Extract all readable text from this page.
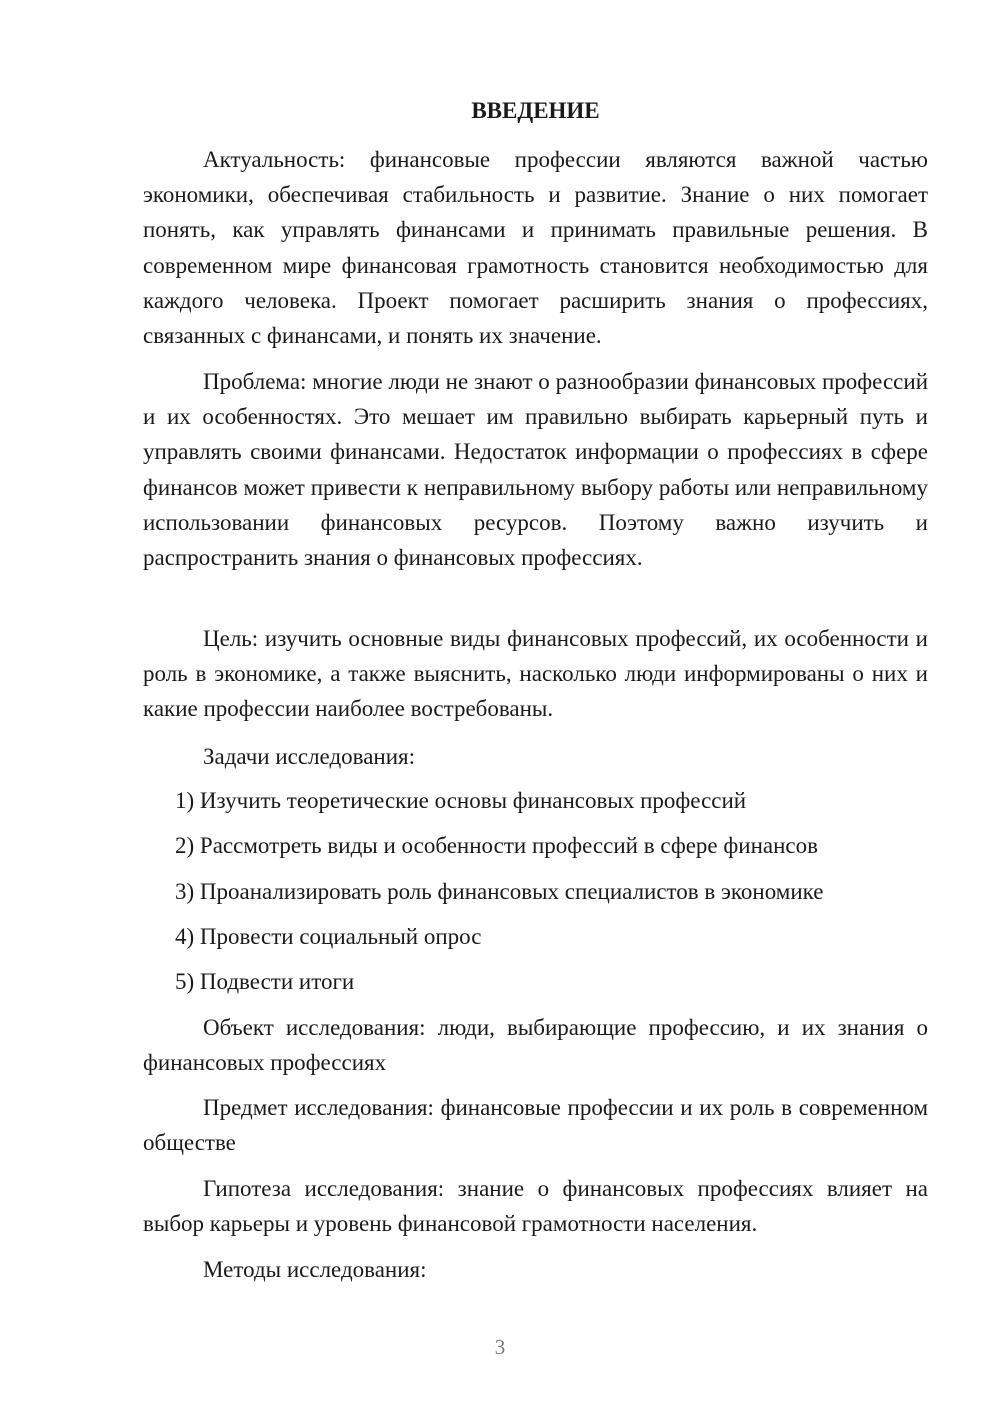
ВВЕДЕНИЕ

Актуальность: финансовые профессии являются важной частью экономики, обеспечивая стабильность и развитие. Знание о них помогает понять, как управлять финансами и принимать правильные решения. В современном мире финансовая грамотность становится необходимостью для каждого человека. Проект помогает расширить знания о профессиях, связанных с финансами, и понять их значение.

Проблема: многие люди не знают о разнообразии финансовых профессий и их особенностях. Это мешает им правильно выбирать карьерный путь и управлять своими финансами. Недостаток информации о профессиях в сфере финансов может привести к неправильному выбору работы или неправильному использовании финансовых ресурсов. Поэтому важно изучить и распространить знания о финансовых профессиях.

Цель: изучить основные виды финансовых профессий, их особенности и роль в экономике, а также выяснить, насколько люди информированы о них и какие профессии наиболее востребованы.

Задачи исследования:

1) Изучить теоретические основы финансовых профессий

2) Рассмотреть виды и особенности профессий в сфере финансов

3) Проанализировать роль финансовых специалистов в экономике

4) Провести социальный опрос

5) Подвести итоги

Объект исследования: люди, выбирающие профессию, и их знания о финансовых профессиях

Предмет исследования: финансовые профессии и их роль в современном обществе

Гипотеза исследования: знание о финансовых профессиях влияет на выбор карьеры и уровень финансовой грамотности населения.

Методы исследования:

3
